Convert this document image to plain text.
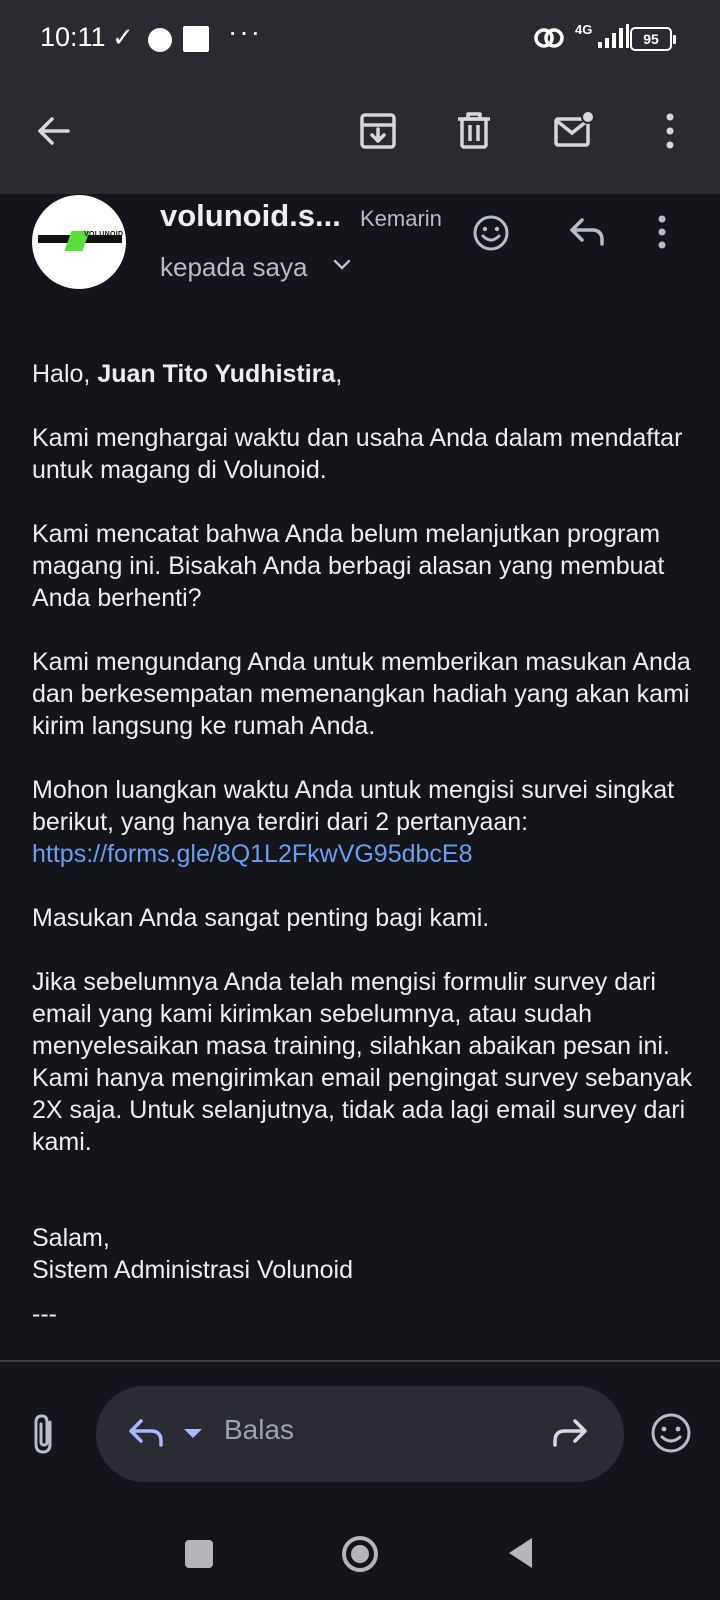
10:11 ✓	···	4G
95
VOLUNOID
volunoid.s... Kemarin
kepada saya

Halo, Juan Tito Yudhistira,

Kami menghargai waktu dan usaha Anda dalam mendaftar untuk magang di Volunoid.

Kami mencatat bahwa Anda belum melanjutkan program magang ini. Bisakah Anda berbagi alasan yang membuat Anda berhenti?

Kami mengundang Anda untuk memberikan masukan Anda dan berkesempatan memenangkan hadiah yang akan kami kirim langsung ke rumah Anda.

Mohon luangkan waktu Anda untuk mengisi survei singkat berikut, yang hanya terdiri dari 2 pertanyaan:
https://forms.gle/8Q1L2FkwVG95dbcE8

Masukan Anda sangat penting bagi kami.

Jika sebelumnya Anda telah mengisi formulir survey dari email yang kami kirimkan sebelumnya, atau sudah menyelesaikan masa training, silahkan abaikan pesan ini. Kami hanya mengirimkan email pengingat survey sebanyak 2X saja. Untuk selanjutnya, tidak ada lagi email survey dari kami.

Salam,
Sistem Administrasi Volunoid

---

Balas
